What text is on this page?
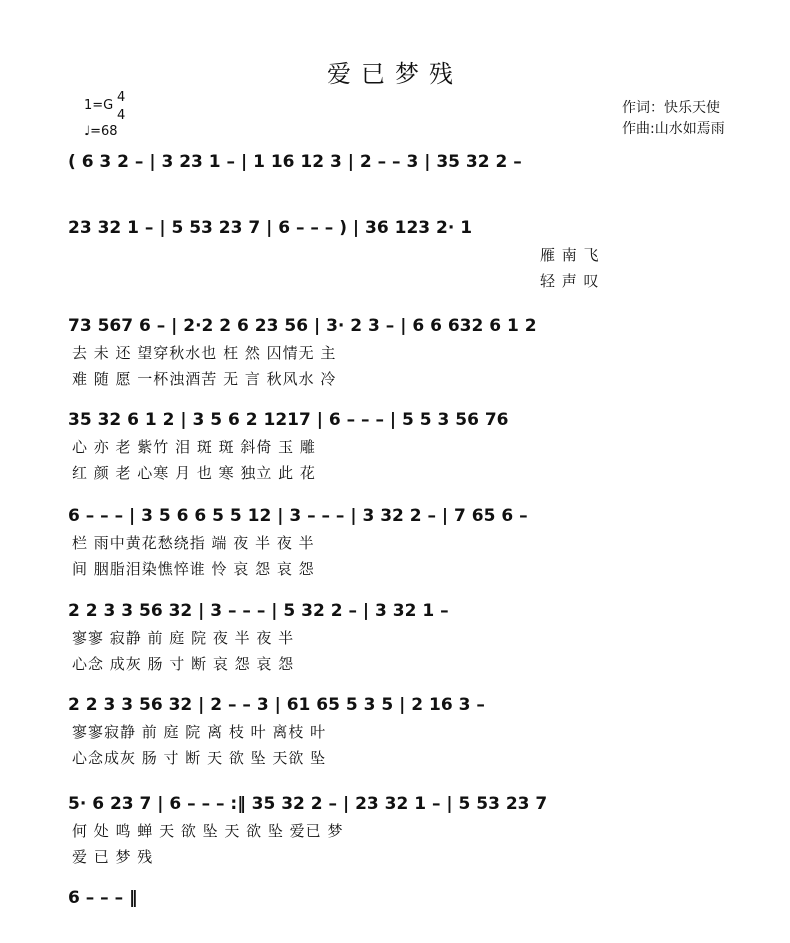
爱已梦残
1=G
4
4
♩=68
作词：快乐天使
作曲:山水如焉雨
( 6 3 2 – | 3 23 1 – | 1 16 12 3 | 2 – – 3 | 35 32 2 –
23 32 1 – | 5 53 23 7 | 6 – – – ) | 36 123 2· 1
雁 南 飞
轻 声 叹
73 567 6 – | 2·2 2 6 23 56 | 3· 2 3 – | 6 6 632 6 1 2
去 未 还 望穿秋水也 枉 然 囚情无 主
难 随 愿 一杯浊酒苦 无 言 秋风水 冷
35 32 6 1 2 | 3 5 6 2 1217 | 6 – – – | 5 5 3 56 76
心 亦 老 紫竹 泪 斑 斑 斜倚 玉 雕
红 颜 老 心寒 月 也 寒 独立 此 花
6 – – – | 3 5 6 6 5 5 12 | 3 – – – | 3 32 2 – | 7 65 6 –
栏 雨中黄花愁绕指 端 夜 半 夜 半
间 胭脂泪染憔悴谁 怜 哀 怨 哀 怨
2 2 3 3 56 32 | 3 – – – | 5 32 2 – | 3 32 1 –
寥寥 寂静 前 庭 院 夜 半 夜 半
心念 成灰 肠 寸 断 哀 怨 哀 怨
2 2 3 3 56 32 | 2 – – 3 | 61 65 5 3 5 | 2 16 3 –
寥寥寂静 前 庭 院 离 枝 叶 离枝 叶
心念成灰 肠 寸 断 天 欲 坠 天欲 坠
5· 6 23 7 | 6 – – – :‖ 35 32 2 – | 23 32 1 – | 5 53 23 7
何 处 鸣 蝉 天 欲 坠 天 欲 坠 爱已 梦
爱 已 梦 残
6 – – – ‖
